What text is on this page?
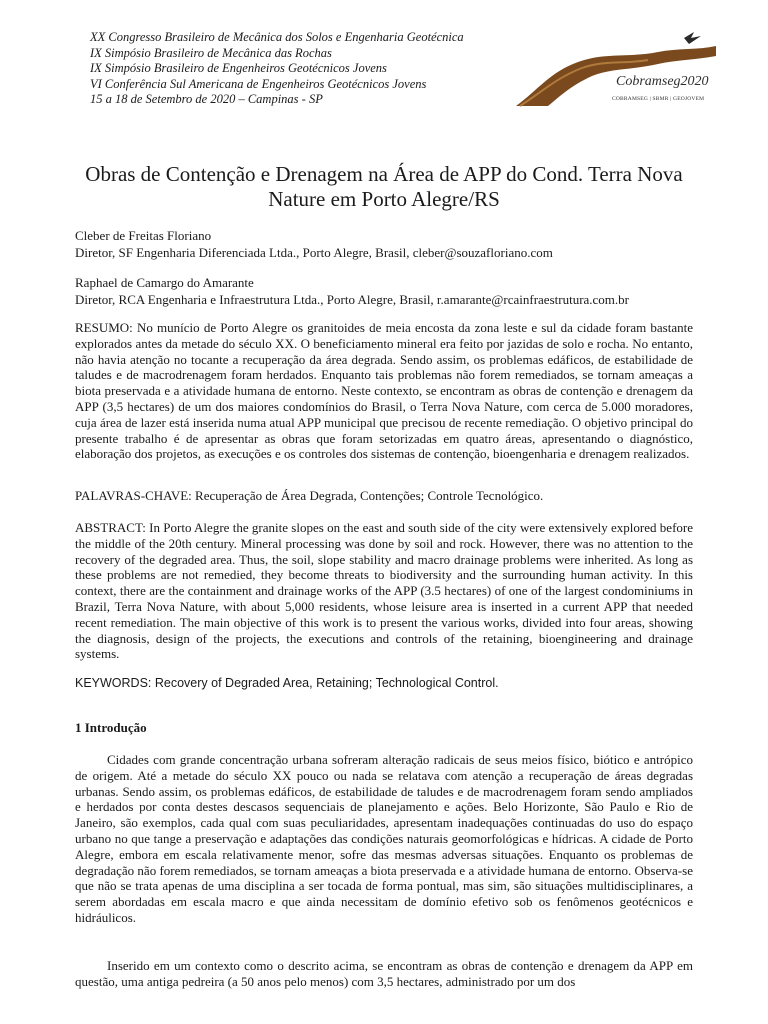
XX Congresso Brasileiro de Mecânica dos Solos e Engenharia Geotécnica
IX Simpósio Brasileiro de Mecânica das Rochas
IX Simpósio Brasileiro de Engenheiros Geotécnicos Jovens
VI Conferência Sul Americana de Engenheiros Geotécnicos Jovens
15 a 18 de Setembro de 2020 – Campinas - SP
Cobramseg2020
COBRAMSEG | SBMR | GEOJOVEM
Obras de Contenção e Drenagem na Área de APP do Cond. Terra Nova Nature em Porto Alegre/RS
Cleber de Freitas Floriano
Diretor, SF Engenharia Diferenciada Ltda., Porto Alegre, Brasil, cleber@souzafloriano.com
Raphael de Camargo do Amarante
Diretor, RCA Engenharia e Infraestrutura Ltda., Porto Alegre, Brasil, r.amarante@rcainfraestrutura.com.br

RESUMO: No munício de Porto Alegre os granitoides de meia encosta da zona leste e sul da cidade foram bastante explorados antes da metade do século XX. O beneficiamento mineral era feito por jazidas de solo e rocha. No entanto, não havia atenção no tocante a recuperação da área degrada. Sendo assim, os problemas edáficos, de estabilidade de taludes e de macrodrenagem foram herdados. Enquanto tais problemas não forem remediados, se tornam ameaças a biota preservada e a atividade humana de entorno. Neste contexto, se encontram as obras de contenção e drenagem da APP (3,5 hectares) de um dos maiores condomínios do Brasil, o Terra Nova Nature, com cerca de 5.000 moradores, cuja área de lazer está inserida numa atual APP municipal que precisou de recente remediação. O objetivo principal do presente trabalho é de apresentar as obras que foram setorizadas em quatro áreas, apresentando o diagnóstico, elaboração dos projetos, as execuções e os controles dos sistemas de contenção, bioengenharia e drenagem realizados.

PALAVRAS-CHAVE: Recuperação de Área Degrada, Contenções; Controle Tecnológico.

ABSTRACT: In Porto Alegre the granite slopes on the east and south side of the city were extensively explored before the middle of the 20th century. Mineral processing was done by soil and rock. However, there was no attention to the recovery of the degraded area. Thus, the soil, slope stability and macro drainage problems were inherited. As long as these problems are not remedied, they become threats to biodiversity and the surrounding human activity. In this context, there are the containment and drainage works of the APP (3.5 hectares) of one of the largest condominiums in Brazil, Terra Nova Nature, with about 5,000 residents, whose leisure area is inserted in a current APP that needed recent remediation. The main objective of this work is to present the various works, divided into four areas, showing the diagnosis, design of the projects, the executions and controls of the retaining, bioengineering and drainage systems.

KEYWORDS: Recovery of Degraded Area, Retaining; Technological Control.
1 Introdução

Cidades com grande concentração urbana sofreram alteração radicais de seus meios físico, biótico e antrópico de origem. Até a metade do século XX pouco ou nada se relatava com atenção a recuperação de áreas degradas urbanas. Sendo assim, os problemas edáficos, de estabilidade de taludes e de macrodrenagem foram sendo ampliados e herdados por conta destes descasos sequenciais de planejamento e ações. Belo Horizonte, São Paulo e Rio de Janeiro, são exemplos, cada qual com suas peculiaridades, apresentam inadequações continuadas do uso do espaço urbano no que tange a preservação e adaptações das condições naturais geomorfológicas e hídricas. A cidade de Porto Alegre, embora em escala relativamente menor, sofre das mesmas adversas situações. Enquanto os problemas de degradação não forem remediados, se tornam ameaças a biota preservada e a atividade humana de entorno. Observa-se que não se trata apenas de uma disciplina a ser tocada de forma pontual, mas sim, são situações multidisciplinares, a serem abordadas em escala macro e que ainda necessitam de domínio efetivo sob os fenômenos geotécnicos e hidráulicos.

Inserido em um contexto como o descrito acima, se encontram as obras de contenção e drenagem da APP em questão, uma antiga pedreira (a 50 anos pelo menos) com 3,5 hectares, administrado por um dos
